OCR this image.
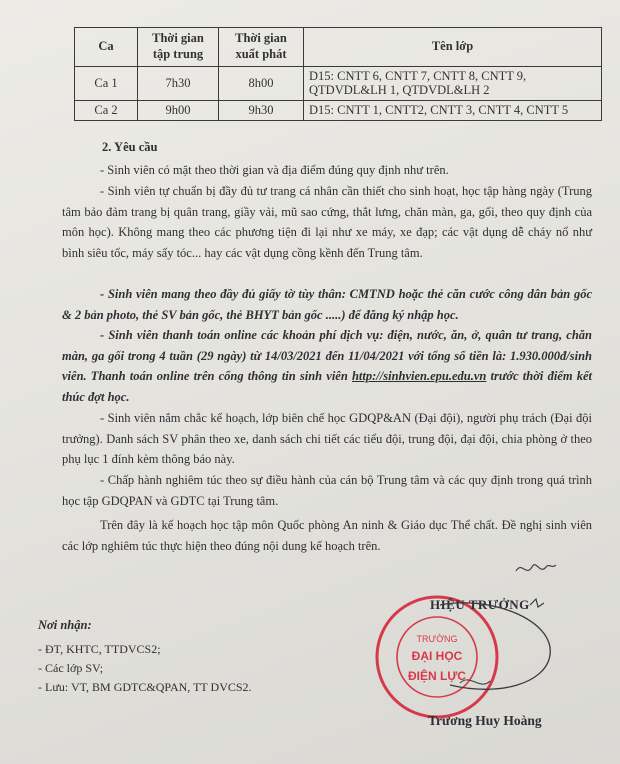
Ca	Thời gian tập trung	Thời gian xuất phát	Tên lớp
Ca 1	7h30	8h00	D15: CNTT 6, CNTT 7, CNTT 8, CNTT 9, QTDVDL&LH 1, QTDVDL&LH 2
Ca 2	9h00	9h30	D15: CNTT 1, CNTT2, CNTT 3, CNTT 4, CNTT 5
2. Yêu cầu
- Sinh viên có mặt theo thời gian và địa điểm đúng quy định như trên.
- Sinh viên tự chuẩn bị đầy đủ tư trang cá nhân cần thiết cho sinh hoạt, học tập hàng ngày (Trung tâm bảo đảm trang bị quân trang, giầy vải, mũ sao cứng, thắt lưng, chăn màn, ga, gối, theo quy định của môn học). Không mang theo các phương tiện đi lại như xe máy, xe đạp; các vật dụng dễ cháy nổ như bình siêu tốc, máy sấy tóc... hay các vật dụng cồng kềnh đến Trung tâm.
- Sinh viên mang theo đầy đủ giấy tờ tùy thân: CMTND hoặc thẻ căn cước công dân bản gốc & 2 bản photo, thẻ SV bản gốc, thẻ BHYT bản gốc .....) để đăng ký nhập học.
- Sinh viên thanh toán online các khoản phí dịch vụ: điện, nước, ăn, ở, quân tư trang, chăn màn, ga gối trong 4 tuần (29 ngày) từ 14/03/2021 đến 11/04/2021 với tổng số tiền là: 1.930.000đ/sinh viên. Thanh toán online trên cổng thông tin sinh viên http://sinhvien.epu.edu.vn trước thời điểm kết thúc đợt học.
- Sinh viên nắm chắc kế hoạch, lớp biên chế học GDQP&AN (Đại đội), người phụ trách (Đại đội trưởng). Danh sách SV phân theo xe, danh sách chi tiết các tiểu đội, trung đội, đại đội, chia phòng ở theo phụ lục 1 đính kèm thông báo này.
- Chấp hành nghiêm túc theo sự điều hành của cán bộ Trung tâm và các quy định trong quá trình học tập GDQPAN và GDTC tại Trung tâm.
Trên đây là kế hoạch học tập môn Quốc phòng An ninh & Giáo dục Thể chất. Đề nghị sinh viên các lớp nghiêm túc thực hiện theo đúng nội dung kế hoạch trên.
Nơi nhận:
- ĐT, KHTC, TTDVCS2;
- Các lớp SV;
- Lưu: VT, BM GDTC&QPAN, TT DVCS2.
TRƯỜNG
ĐẠI HỌC
ĐIỆN LỰC
HIỆU TRƯỞNG
Trương Huy Hoàng
